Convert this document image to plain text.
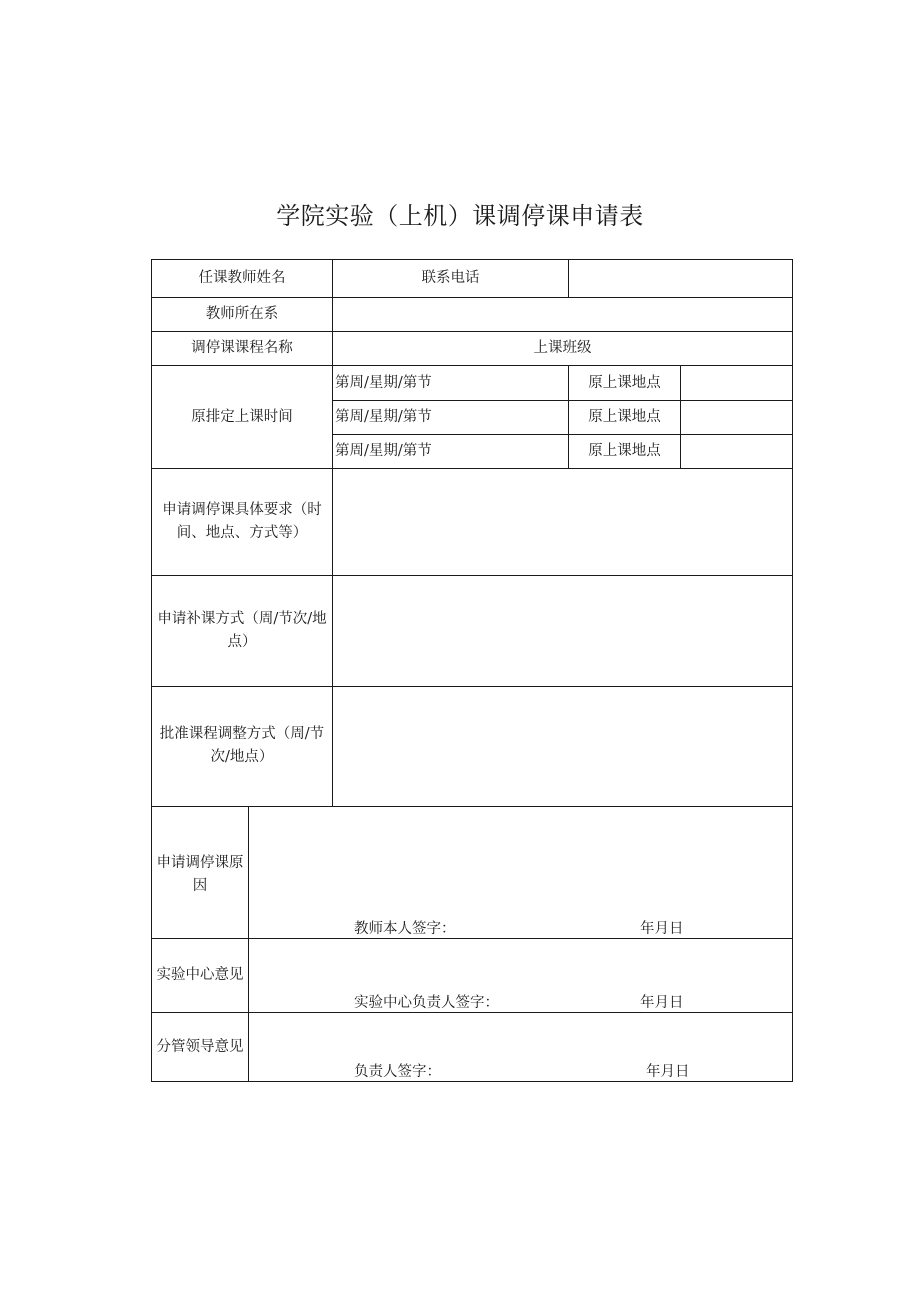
学院实验（上机）课调停课申请表
任课教师姓名	联系电话
教师所在系
调停课课程名称	上课班级
原排定上课时间
第周/星期/第节	原上课地点
第周/星期/第节	原上课地点
第周/星期/第节	原上课地点
申请调停课具体要求（时间、地点、方式等）
申请补课方式（周/节次/地点）
批准课程调整方式（周/节次/地点）
申请调停课原因
教师本人签字：	年月日
实验中心意见
实验中心负责人签字：	年月日
分管领导意见
负责人签字：	年月日
